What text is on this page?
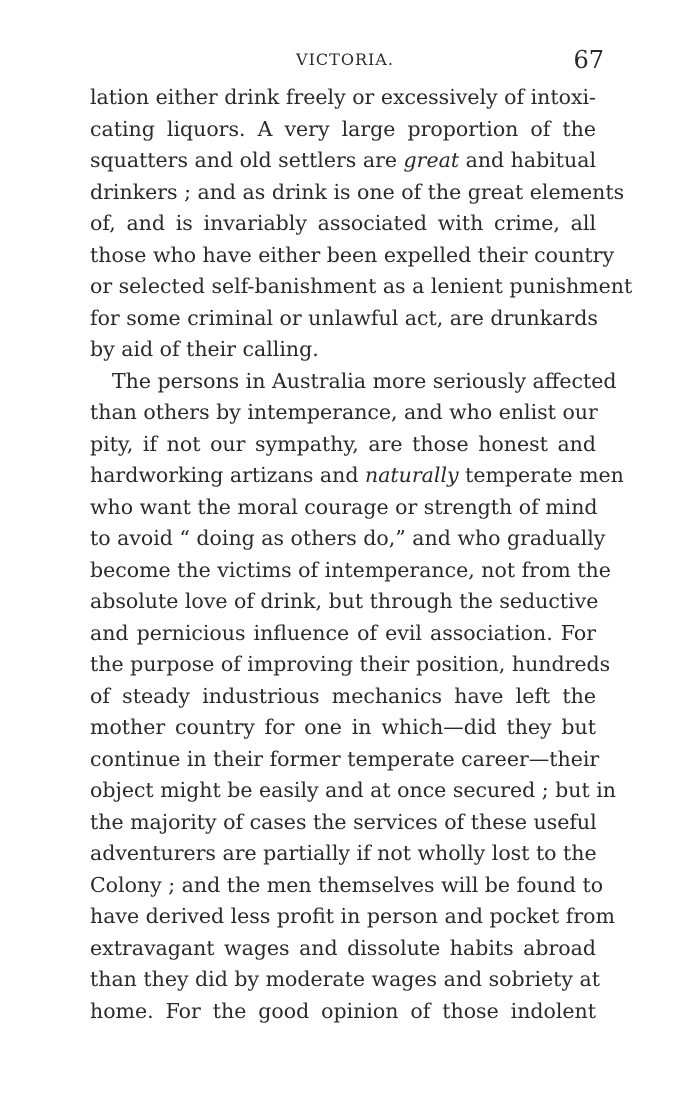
VICTORIA.	67
lation either drink freely or excessively of intoxi-
cating liquors. A very large proportion of the
squatters and old settlers are great and habitual
drinkers ; and as drink is one of the great elements
of, and is invariably associated with crime, all
those who have either been expelled their country
or selected self-banishment as a lenient punishment
for some criminal or unlawful act, are drunkards
by aid of their calling.
The persons in Australia more seriously affected
than others by intemperance, and who enlist our
pity, if not our sympathy, are those honest and
hardworking artizans and naturally temperate men
who want the moral courage or strength of mind
to avoid “ doing as others do,” and who gradually
become the victims of intemperance, not from the
absolute love of drink, but through the seductive
and pernicious influence of evil association. For
the purpose of improving their position, hundreds
of steady industrious mechanics have left the
mother country for one in which—did they but
continue in their former temperate career—their
object might be easily and at once secured ; but in
the majority of cases the services of these useful
adventurers are partially if not wholly lost to the
Colony ; and the men themselves will be found to
have derived less profit in person and pocket from
extravagant wages and dissolute habits abroad
than they did by moderate wages and sobriety at
home. For the good opinion of those indolent
